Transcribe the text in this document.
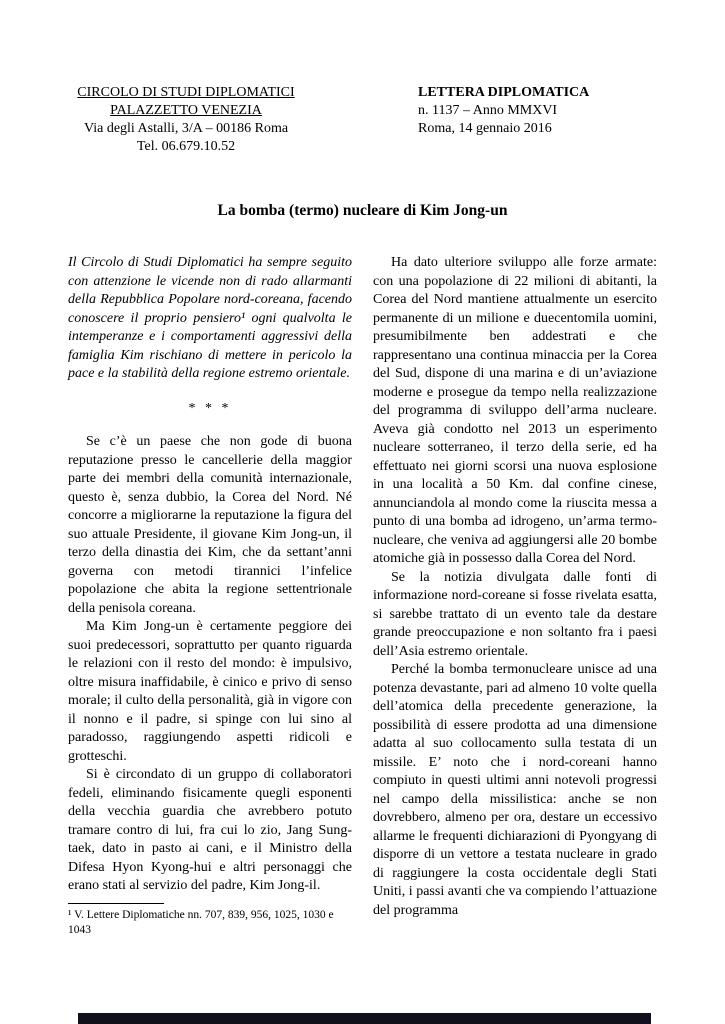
CIRCOLO DI STUDI DIPLOMATICI
PALAZZETTO VENEZIA
Via degli Astalli, 3/A – 00186 Roma
Tel. 06.679.10.52
LETTERA DIPLOMATICA
n. 1137 – Anno MMXVI
Roma, 14 gennaio 2016
La bomba (termo) nucleare di Kim Jong-un

Il Circolo di Studi Diplomatici ha sempre seguito con attenzione le vicende non di rado allarmanti della Repubblica Popolare nord-coreana, facendo conoscere il proprio pensiero¹ ogni qualvolta le intemperanze e i comportamenti aggressivi della famiglia Kim rischiano di mettere in pericolo la pace e la stabilità della regione estremo orientale.

* * *

Se c’è un paese che non gode di buona reputazione presso le cancellerie della maggior parte dei membri della comunità internazionale, questo è, senza dubbio, la Corea del Nord. Né concorre a migliorarne la reputazione la figura del suo attuale Presidente, il giovane Kim Jong-un, il terzo della dinastia dei Kim, che da settant’anni governa con metodi tirannici l’infelice popolazione che abita la regione settentrionale della penisola coreana.

Ma Kim Jong-un è certamente peggiore dei suoi predecessori, soprattutto per quanto riguarda le relazioni con il resto del mondo: è impulsivo, oltre misura inaffidabile, è cinico e privo di senso morale; il culto della personalità, già in vigore con il nonno e il padre, si spinge con lui sino al paradosso, raggiungendo aspetti ridicoli e grotteschi.

Si è circondato di un gruppo di collaboratori fedeli, eliminando fisicamente quegli esponenti della vecchia guardia che avrebbero potuto tramare contro di lui, fra cui lo zio, Jang Sung-taek, dato in pasto ai cani, e il Ministro della Difesa Hyon Kyong-hui e altri personaggi che erano stati al servizio del padre, Kim Jong-il.

¹ V. Lettere Diplomatiche nn. 707, 839, 956, 1025, 1030 e 1043

Ha dato ulteriore sviluppo alle forze armate: con una popolazione di 22 milioni di abitanti, la Corea del Nord mantiene attualmente un esercito permanente di un milione e duecentomila uomini, presumibilmente ben addestrati e che rappresentano una continua minaccia per la Corea del Sud, dispone di una marina e di un’aviazione moderne e prosegue da tempo nella realizzazione del programma di sviluppo dell’arma nucleare. Aveva già condotto nel 2013 un esperimento nucleare sotterraneo, il terzo della serie, ed ha effettuato nei giorni scorsi una nuova esplosione in una località a 50 Km. dal confine cinese, annunciandola al mondo come la riuscita messa a punto di una bomba ad idrogeno, un’arma termo-nucleare, che veniva ad aggiungersi alle 20 bombe atomiche già in possesso dalla Corea del Nord.

Se la notizia divulgata dalle fonti di informazione nord-coreane si fosse rivelata esatta, si sarebbe trattato di un evento tale da destare grande preoccupazione e non soltanto fra i paesi dell’Asia estremo orientale.

Perché la bomba termonucleare unisce ad una potenza devastante, pari ad almeno 10 volte quella dell’atomica della precedente generazione, la possibilità di essere prodotta ad una dimensione adatta al suo collocamento sulla testata di un missile. E’ noto che i nord-coreani hanno compiuto in questi ultimi anni notevoli progressi nel campo della missilistica: anche se non dovrebbero, almeno per ora, destare un eccessivo allarme le frequenti dichiarazioni di Pyongyang di disporre di un vettore a testata nucleare in grado di raggiungere la costa occidentale degli Stati Uniti, i passi avanti che va compiendo l’attuazione del programma
